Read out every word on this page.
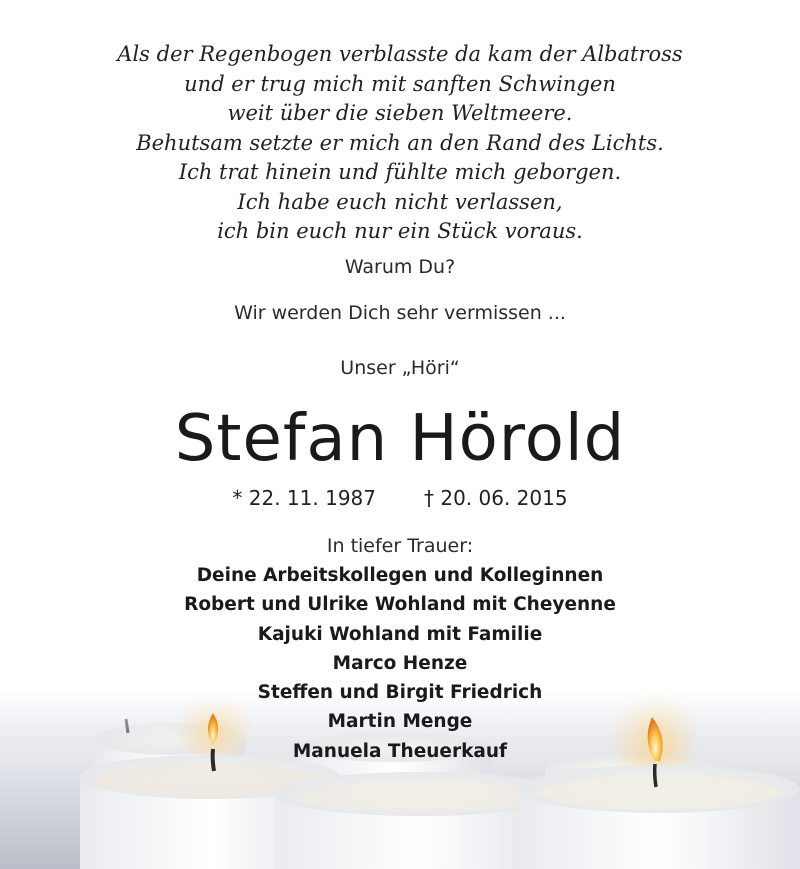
Als der Regenbogen verblasste da kam der Albatross
und er trug mich mit sanften Schwingen
weit über die sieben Weltmeere.
Behutsam setzte er mich an den Rand des Lichts.
Ich trat hinein und fühlte mich geborgen.
Ich habe euch nicht verlassen,
ich bin euch nur ein Stück voraus.
Warum Du?
Wir werden Dich sehr vermissen ...
Unser „Höri“
Stefan Hörold
* 22. 11. 1987 † 20. 06. 2015
In tiefer Trauer:
Deine Arbeitskollegen und Kolleginnen
Robert und Ulrike Wohland mit Cheyenne
Kajuki Wohland mit Familie
Marco Henze
Steffen und Birgit Friedrich
Martin Menge
Manuela Theuerkauf
